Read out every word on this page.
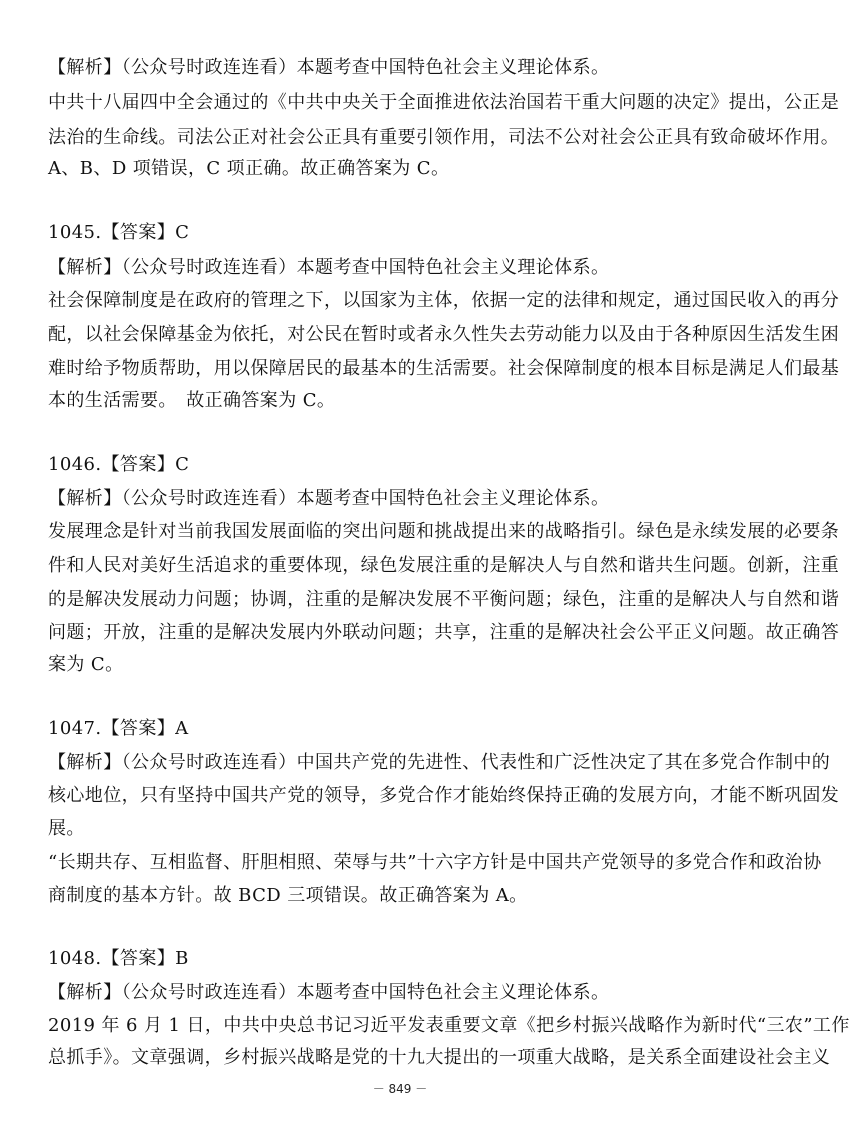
【解析】（公众号时政连连看）本题考查中国特色社会主义理论体系。
中共十八届四中全会通过的《中共中央关于全面推进依法治国若干重大问题的决定》提出，公正是
法治的生命线。司法公正对社会公正具有重要引领作用，司法不公对社会公正具有致命破坏作用。
A、B、D 项错误，C 项正确。故正确答案为 C。
1045.【答案】C
【解析】（公众号时政连连看）本题考查中国特色社会主义理论体系。
社会保障制度是在政府的管理之下，以国家为主体，依据一定的法律和规定，通过国民收入的再分
配，以社会保障基金为依托，对公民在暂时或者永久性失去劳动能力以及由于各种原因生活发生困
难时给予物质帮助，用以保障居民的最基本的生活需要。社会保障制度的根本目标是满足人们最基
本的生活需要。　故正确答案为 C。
1046.【答案】C
【解析】（公众号时政连连看）本题考查中国特色社会主义理论体系。
发展理念是针对当前我国发展面临的突出问题和挑战提出来的战略指引。绿色是永续发展的必要条
件和人民对美好生活追求的重要体现，绿色发展注重的是解决人与自然和谐共生问题。创新，注重
的是解决发展动力问题；协调，注重的是解决发展不平衡问题；绿色，注重的是解决人与自然和谐
问题；开放，注重的是解决发展内外联动问题；共享，注重的是解决社会公平正义问题。故正确答
案为 C。
1047.【答案】A
【解析】（公众号时政连连看）中国共产党的先进性、代表性和广泛性决定了其在多党合作制中的
核心地位，只有坚持中国共产党的领导，多党合作才能始终保持正确的发展方向，才能不断巩固发
展。
“长期共存、互相监督、肝胆相照、荣辱与共”十六字方针是中国共产党领导的多党合作和政治协
商制度的基本方针。故 BCD 三项错误。故正确答案为 A。
1048.【答案】B
【解析】（公众号时政连连看）本题考查中国特色社会主义理论体系。
2019 年 6 月 1 日，中共中央总书记习近平发表重要文章《把乡村振兴战略作为新时代“三农”工作
总抓手》。文章强调，乡村振兴战略是党的十九大提出的一项重大战略，是关系全面建设社会主义
－ 849 －
